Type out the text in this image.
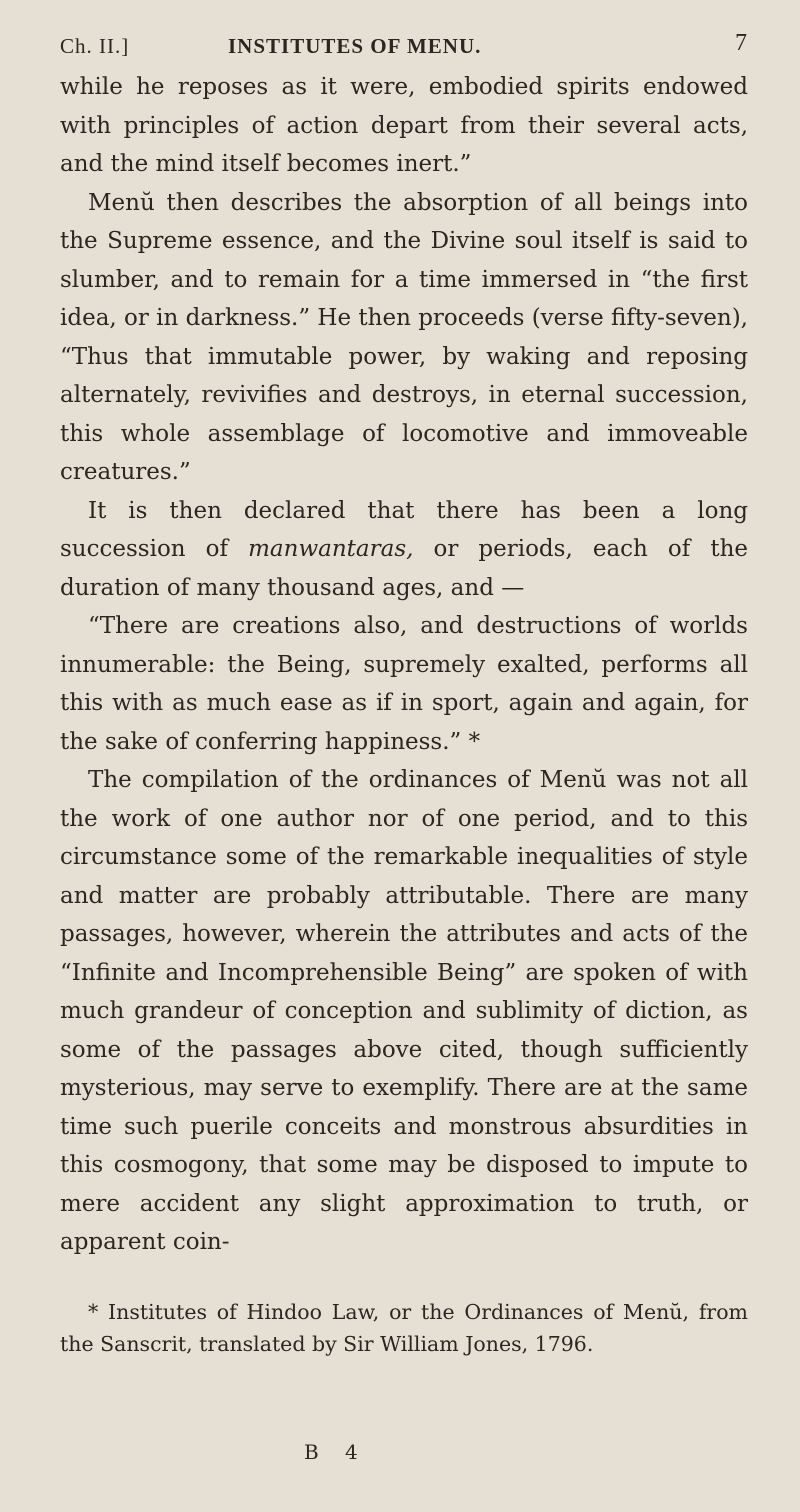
Ch. II.]	INSTITUTES OF MENU.	7

while he reposes as it were, embodied spirits endowed with principles of action depart from their several acts, and the mind itself becomes inert.”

Menŭ then describes the absorption of all beings into the Supreme essence, and the Divine soul itself is said to slumber, and to remain for a time immersed in “the first idea, or in darkness.” He then proceeds (verse fifty-seven), “Thus that immutable power, by waking and reposing alternately, revivifies and destroys, in eternal succession, this whole assemblage of locomotive and immoveable creatures.”

It is then declared that there has been a long succession of manwantaras, or periods, each of the duration of many thousand ages, and —

“There are creations also, and destructions of worlds innumerable: the Being, supremely exalted, performs all this with as much ease as if in sport, again and again, for the sake of conferring happiness.” *

The compilation of the ordinances of Menŭ was not all the work of one author nor of one period, and to this circumstance some of the remarkable inequalities of style and matter are probably attributable. There are many passages, however, wherein the attributes and acts of the “Infinite and Incomprehensible Being” are spoken of with much grandeur of conception and sublimity of diction, as some of the passages above cited, though sufficiently mysterious, may serve to exemplify. There are at the same time such puerile conceits and monstrous absurdities in this cosmogony, that some may be disposed to impute to mere accident any slight approximation to truth, or apparent coin-

* Institutes of Hindoo Law, or the Ordinances of Menŭ, from the Sanscrit, translated by Sir William Jones, 1796.

B 4
